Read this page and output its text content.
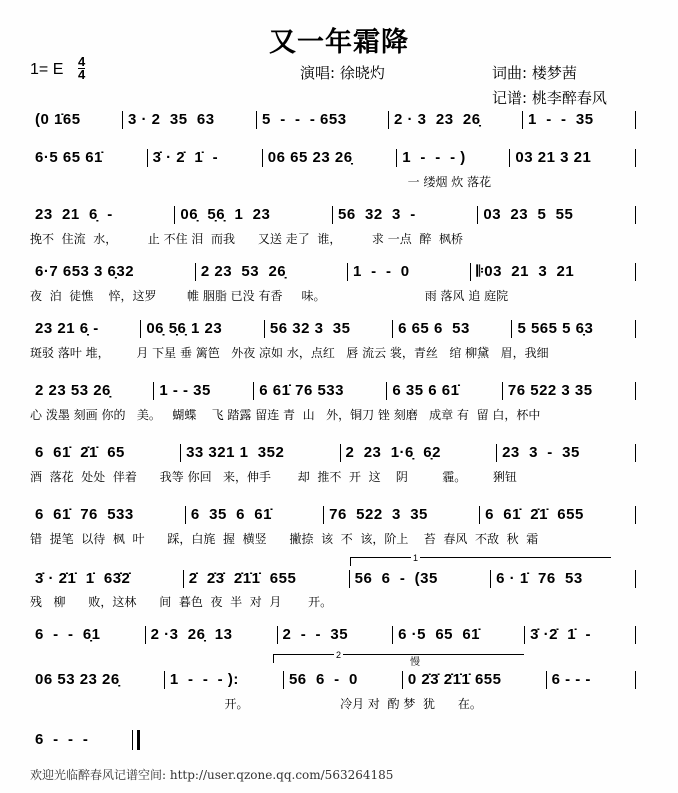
又一年霜降
1= E $\frac{4}{4}$	演唱: 徐晓灼	词曲: 楼梦茜
记谱: 桃李醉春风
(0 1̇65	3 · 2  35  63	5  -  -  - 653	2 · 3  23  26̣	1  -  -  35
6·5 65 61̇	3̇ · 2̇  1̇  -	06 65 23 26̣	1  -  -  - )	03 21 3 21
一 缕烟 炊 落花
23  21  6̣  -	06̣  5̣6̣  1  23	56  32  3  -	03  23  5  55
挽不  住流  水，        止 不住 泪  而我      又送 走了  谁，        求 一点  醉  枫桥
6·7 653 3 6̣32	2 23  53  26̣	1  -  -  0	𝄆03  21  3  21
夜  泊  徒憔    悴，这罗        帷 胭脂 已没 有香     味。                          雨 落风 追 庭院
23 21 6̣ -	06̣ 5̣6̣ 1 23	56 32 3  35	6 65 6  53	5 565 5 6̣3
斑驳 落叶 堆，       月 下星 垂 篱笆   外夜 凉如 水，点红   唇 流云 裳，青丝   绾 柳黛   眉，我细
2 23 53 26̣	1 - - 35	6 61̇ 76 533	6 35 6 61̇	76 522 3 35
心 泼墨 刻画 你的   美。   蝴蝶    飞 踏露 留连 青  山   外，铜刀 锉 刻磨   成章 有  留 白，杯中
6  61̇  2̇1̇  65	33 321 1  352	2  23  1·6̣  6̣2	23  3  -  35
酒  落花  处处  伴着      我等 你回   来，伸手       却  推不  开  这    阴         霾。       猁钮
6  61̇  76  533	6  35  6  61̇	76  522  3  35	6  61̇  2̇1̇  655
错  提笔  以待  枫  叶      踩，白旄  握  横竖      撇捺  该  不  该，阶上    苔  春风  不敌  秋  霜
3̇ · 2̇1̇  1̇  63̇2̇	2̇  2̇3̇  2̇1̇1̇  655	56  6  -  (35	6 · 1̇  76  53
残   柳      败，这林      间  暮色  夜  半  对  月       开。
6  -  -  6̣1	2 ·3  26̣  13	2  -  -  35	6 ·5  65  61̇	3̇ ·2̇  1̇  -
06 53 23 26̣	1  -  -  - ):	56  6  -  0	0 2̇3̇ 2̇1̇1̇ 655	6 - - -
开。                        冷月 对  酌 梦  犹      在。
6  -  -  -
1
2
慢
欢迎光临醉春风记谱空间: http://user.qzone.qq.com/563264185
